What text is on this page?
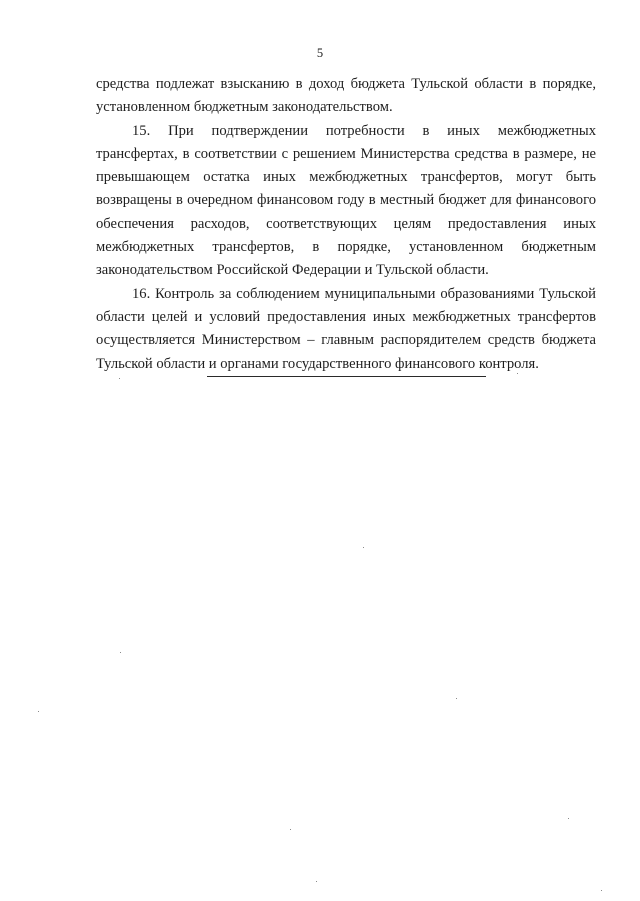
5

средства подлежат взысканию в доход бюджета Тульской области в порядке, установленном бюджетным законодательством.

15. При подтверждении потребности в иных межбюджетных трансфертах, в соответствии с решением Министерства средства в размере, не превышающем остатка иных межбюджетных трансфертов, могут быть возвращены в очередном финансовом году в местный бюджет для финансового обеспечения расходов, соответствующих целям предоставления иных межбюджетных трансфертов, в порядке, установленном бюджетным законодательством Российской Федерации и Тульской области.

16. Контроль за соблюдением муниципальными образованиями Тульской области целей и условий предоставления иных межбюджетных трансфертов осуществляется Министерством – главным распорядителем средств бюджета Тульской области и органами государственного финансового контроля.
